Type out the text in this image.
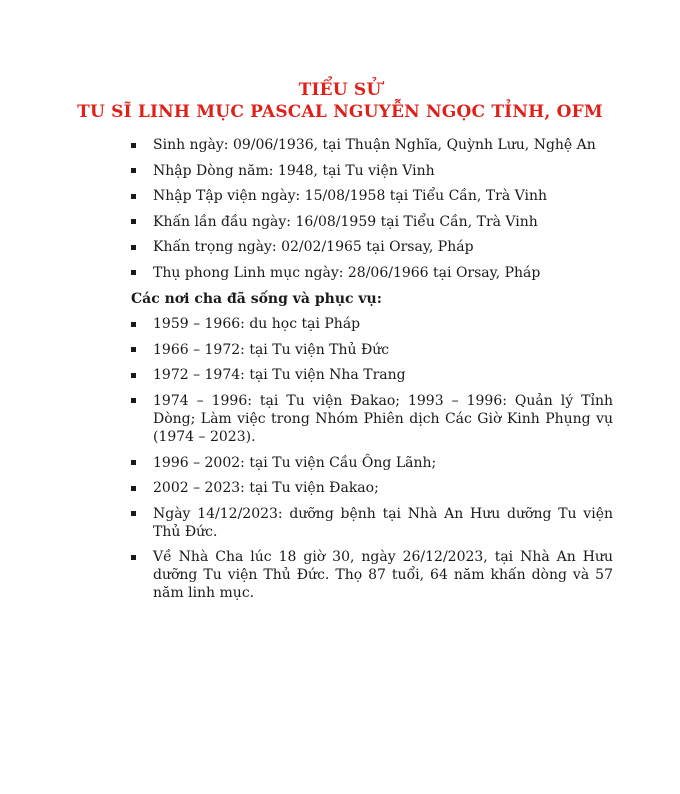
TIỂU SỬ
TU SĨ LINH MỤC PASCAL NGUYỄN NGỌC TỈNH, OFM
Sinh ngày: 09/06/1936, tại Thuận Nghĩa, Quỳnh Lưu, Nghệ An
Nhập Dòng năm: 1948, tại Tu viện Vinh
Nhập Tập viện ngày: 15/08/1958 tại Tiểu Cần, Trà Vinh
Khấn lần đầu ngày: 16/08/1959 tại Tiểu Cần, Trà Vinh
Khấn trọng ngày: 02/02/1965 tại Orsay, Pháp
Thụ phong Linh mục ngày: 28/06/1966 tại Orsay, Pháp
Các nơi cha đã sống và phục vụ:
1959 – 1966: du học tại Pháp
1966 – 1972: tại Tu viện Thủ Đức
1972 – 1974: tại Tu viện Nha Trang
1974 – 1996: tại Tu viện Đakao; 1993 – 1996: Quản lý Tỉnh Dòng; Làm việc trong Nhóm Phiên dịch Các Giờ Kinh Phụng vụ (1974 – 2023).
1996 – 2002: tại Tu viện Cầu Ông Lãnh;
2002 – 2023: tại Tu viện Đakao;
Ngày 14/12/2023: dưỡng bệnh tại Nhà An Hưu dưỡng Tu viện Thủ Đức.
Về Nhà Cha lúc 18 giờ 30, ngày 26/12/2023, tại Nhà An Hưu dưỡng Tu viện Thủ Đức. Thọ 87 tuổi, 64 năm khấn dòng và 57 năm linh mục.
